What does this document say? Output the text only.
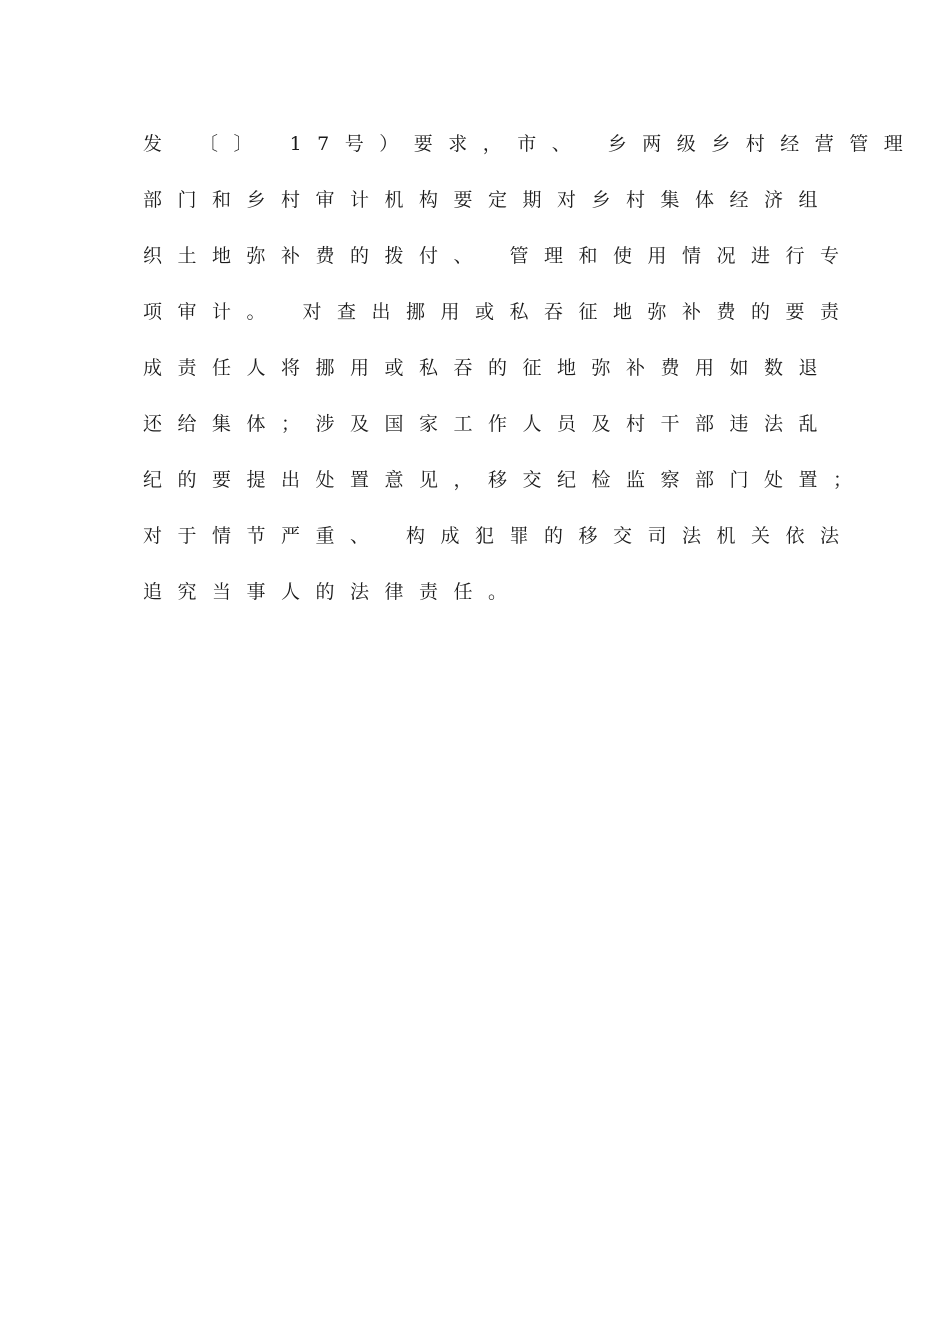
发 〔〕 17号）要求，市、 乡两级乡村经营管理
部门和乡村审计机构要定期对乡村集体经济组
织土地弥补费的拨付、 管理和使用情况进行专
项审计。 对查出挪用或私吞征地弥补费的要责
成责任人将挪用或私吞的征地弥补费用如数退
还给集体；涉及国家工作人员及村干部违法乱
纪的要提出处置意见，移交纪检监察部门处置；
对于情节严重、 构成犯罪的移交司法机关依法
追究当事人的法律责任。
